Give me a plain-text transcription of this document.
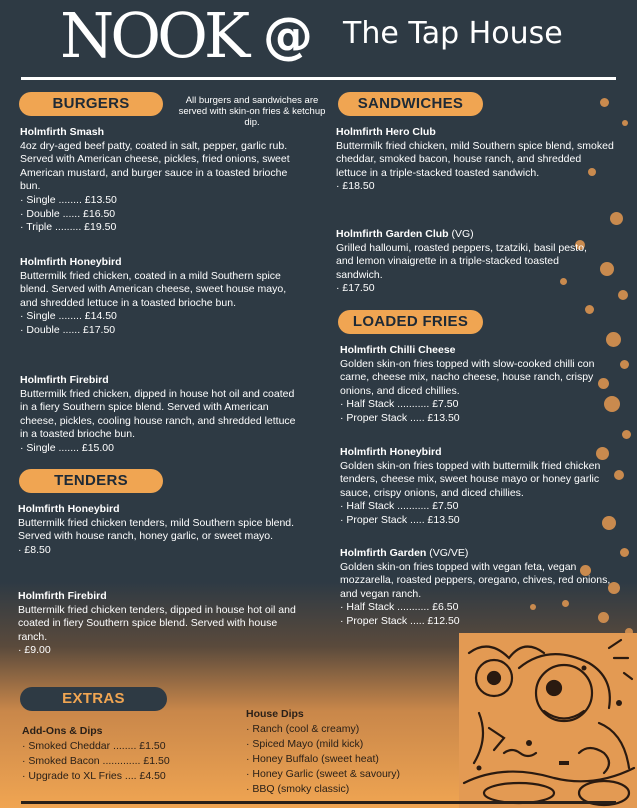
NOOK @ The Tap House
BURGERS	All burgers and sandwiches are served with skin-on fries & ketchup dip.
Holmfirth Smash
4oz dry-aged beef patty, coated in salt, pepper, garlic rub. Served with American cheese, pickles, fried onions, sweet American mustard, and burger sauce in a toasted brioche bun.
· Single ........ £13.50
· Double ...... £16.50
· Triple ......... £19.50
Holmfirth Honeybird
Buttermilk fried chicken, coated in a mild Southern spice blend. Served with American cheese, sweet house mayo, and shredded lettuce in a toasted brioche bun.
· Single ........ £14.50
· Double ...... £17.50
Holmfirth Firebird
Buttermilk fried chicken, dipped in house hot oil and coated in a fiery Southern spice blend. Served with American cheese, pickles, cooling house ranch, and shredded lettuce in a toasted brioche bun.
· Single ....... £15.00
TENDERS
Holmfirth Honeybird
Buttermilk fried chicken tenders, mild Southern spice blend. Served with house ranch, honey garlic, or sweet mayo.
· £8.50
Holmfirth Firebird
Buttermilk fried chicken tenders, dipped in house hot oil and coated in fiery Southern spice blend. Served with house ranch.
· £9.00
SANDWICHES
Holmfirth Hero Club
Buttermilk fried chicken, mild Southern spice blend, smoked cheddar, smoked bacon, house ranch, and shredded lettuce in a triple-stacked toasted sandwich.
· £18.50
Holmfirth Garden Club (VG)
Grilled halloumi, roasted peppers, tzatziki, basil pesto, and lemon vinaigrette in a triple-stacked toasted sandwich.
· £17.50
LOADED FRIES
Holmfirth Chilli Cheese
Golden skin-on fries topped with slow-cooked chilli con carne, cheese mix, nacho cheese, house ranch, crispy onions, and diced chillies.
· Half Stack ........... £7.50
· Proper Stack ..... £13.50
Holmfirth Honeybird
Golden skin-on fries topped with buttermilk fried chicken tenders, cheese mix, sweet house mayo or honey garlic sauce, crispy onions, and diced chillies.
· Half Stack ........... £7.50
· Proper Stack ..... £13.50
Holmfirth Garden (VG/VE)
Golden skin-on fries topped with vegan feta, vegan mozzarella, roasted peppers, oregano, chives, red onions, and vegan ranch.
· Half Stack ........... £6.50
· Proper Stack ..... £12.50
EXTRAS
Add-Ons & Dips
· Smoked Cheddar ........ £1.50
· Smoked Bacon ............. £1.50
· Upgrade to XL Fries .... £4.50
House Dips
· Ranch (cool & creamy)
· Spiced Mayo (mild kick)
· Honey Buffalo (sweet heat)
· Honey Garlic (sweet & savoury)
· BBQ (smoky classic)
